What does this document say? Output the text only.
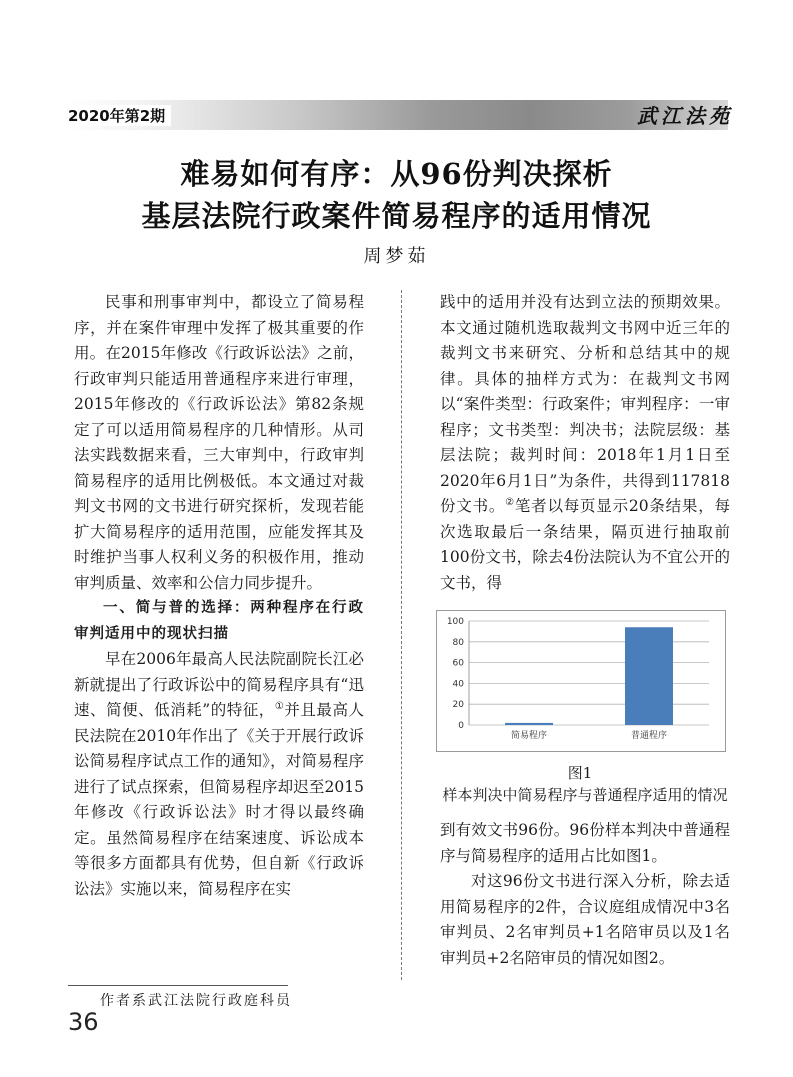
2020年第2期	武江法苑
难易如何有序：从96份判决探析
基层法院行政案件简易程序的适用情况
周梦茹

民事和刑事审判中，都设立了简易程序，并在案件审理中发挥了极其重要的作用。在2015年修改《行政诉讼法》之前，行政审判只能适用普通程序来进行审理，2015年修改的《行政诉讼法》第82条规定了可以适用简易程序的几种情形。从司法实践数据来看，三大审判中，行政审判简易程序的适用比例极低。本文通过对裁判文书网的文书进行研究探析，发现若能扩大简易程序的适用范围，应能发挥其及时维护当事人权利义务的积极作用，推动审判质量、效率和公信力同步提升。

一、简与普的选择：两种程序在行政审判适用中的现状扫描

早在2006年最高人民法院副院长江必新就提出了行政诉讼中的简易程序具有“迅速、简便、低消耗”的特征，①并且最高人民法院在2010年作出了《关于开展行政诉讼简易程序试点工作的通知》，对简易程序进行了试点探索，但简易程序却迟至2015年修改《行政诉讼法》时才得以最终确定。虽然简易程序在结案速度、诉讼成本等很多方面都具有优势，但自新《行政诉讼法》实施以来，简易程序在实

践中的适用并没有达到立法的预期效果。本文通过随机选取裁判文书网中近三年的裁判文书来研究、分析和总结其中的规律。具体的抽样方式为：在裁判文书网以“案件类型：行政案件；审判程序：一审程序；文书类型：判决书；法院层级：基层法院；裁判时间：2018年1月1日至2020年6月1日”为条件，共得到117818份文书。②笔者以每页显示20条结果，每次选取最后一条结果，隔页进行抽取前100份文书，除去4份法院认为不宜公开的文书，得

0
20
40
60
80
100
简易程序	普通程序
图1
样本判决中简易程序与普通程序适用的情况

到有效文书96份。96份样本判决中普通程序与简易程序的适用占比如图1。

对这96份文书进行深入分析，除去适用简易程序的2件，合议庭组成情况中3名审判员、2名审判员+1名陪审员以及1名审判员+2名陪审员的情况如图2。

作者系武江法院行政庭科员
36
